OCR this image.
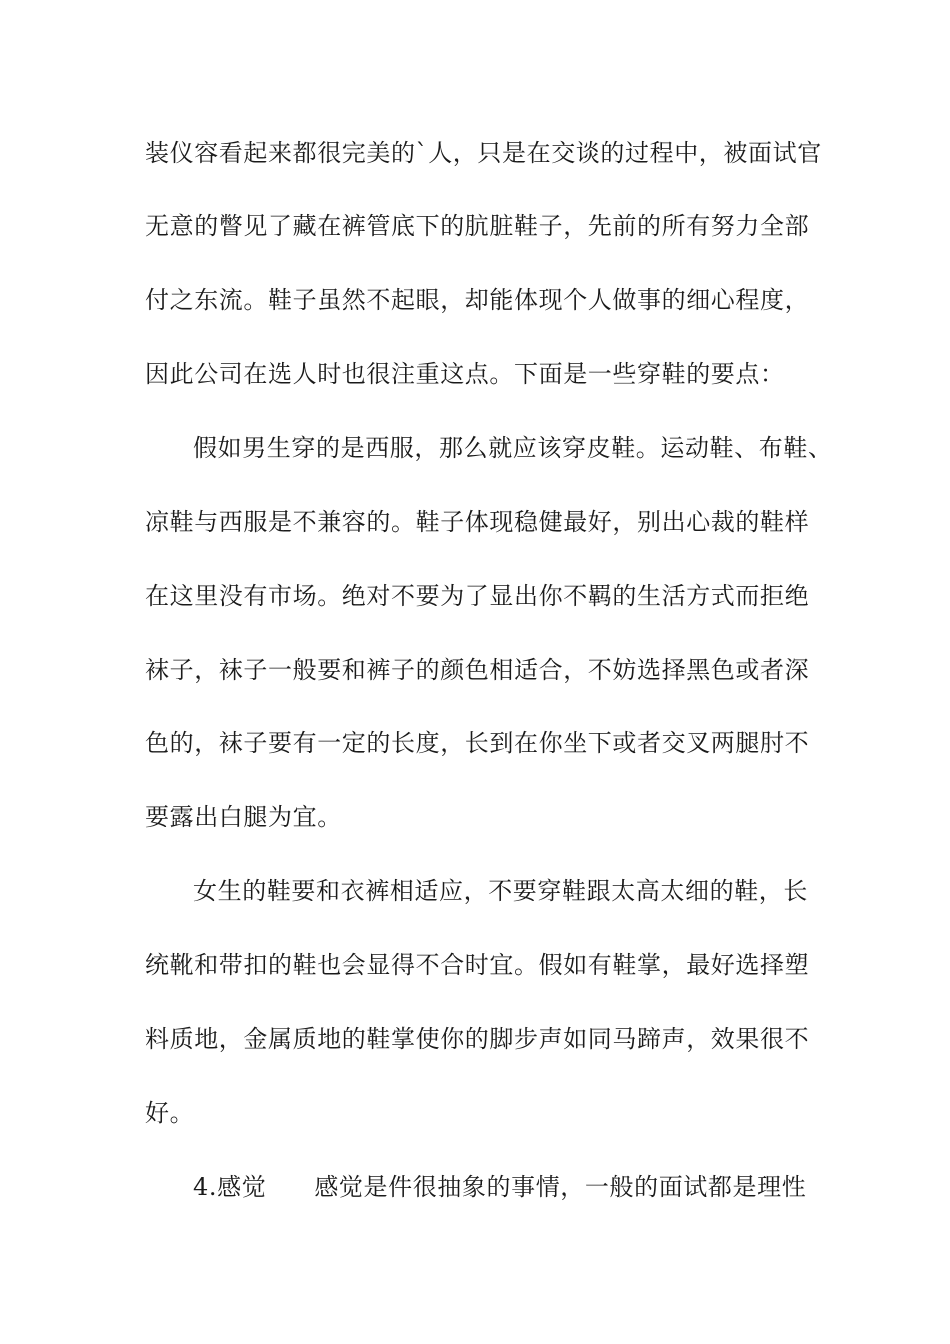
装仪容看起来都很完美的`人，只是在交谈的过程中，被面试官
无意的瞥见了藏在裤管底下的肮脏鞋子，先前的所有努力全部
付之东流。鞋子虽然不起眼，却能体现个人做事的细心程度，
因此公司在选人时也很注重这点。下面是一些穿鞋的要点：
假如男生穿的是西服，那么就应该穿皮鞋。运动鞋、布鞋、
凉鞋与西服是不兼容的。鞋子体现稳健最好，别出心裁的鞋样
在这里没有市场。绝对不要为了显出你不羁的生活方式而拒绝
袜子，袜子一般要和裤子的颜色相适合，不妨选择黑色或者深
色的，袜子要有一定的长度，长到在你坐下或者交叉两腿肘不
要露出白腿为宜。
女生的鞋要和衣裤相适应，不要穿鞋跟太高太细的鞋，长
统靴和带扣的鞋也会显得不合时宜。假如有鞋掌，最好选择塑
料质地，金属质地的鞋掌使你的脚步声如同马蹄声，效果很不
好。
4.感觉 感觉是件很抽象的事情，一般的面试都是理性
